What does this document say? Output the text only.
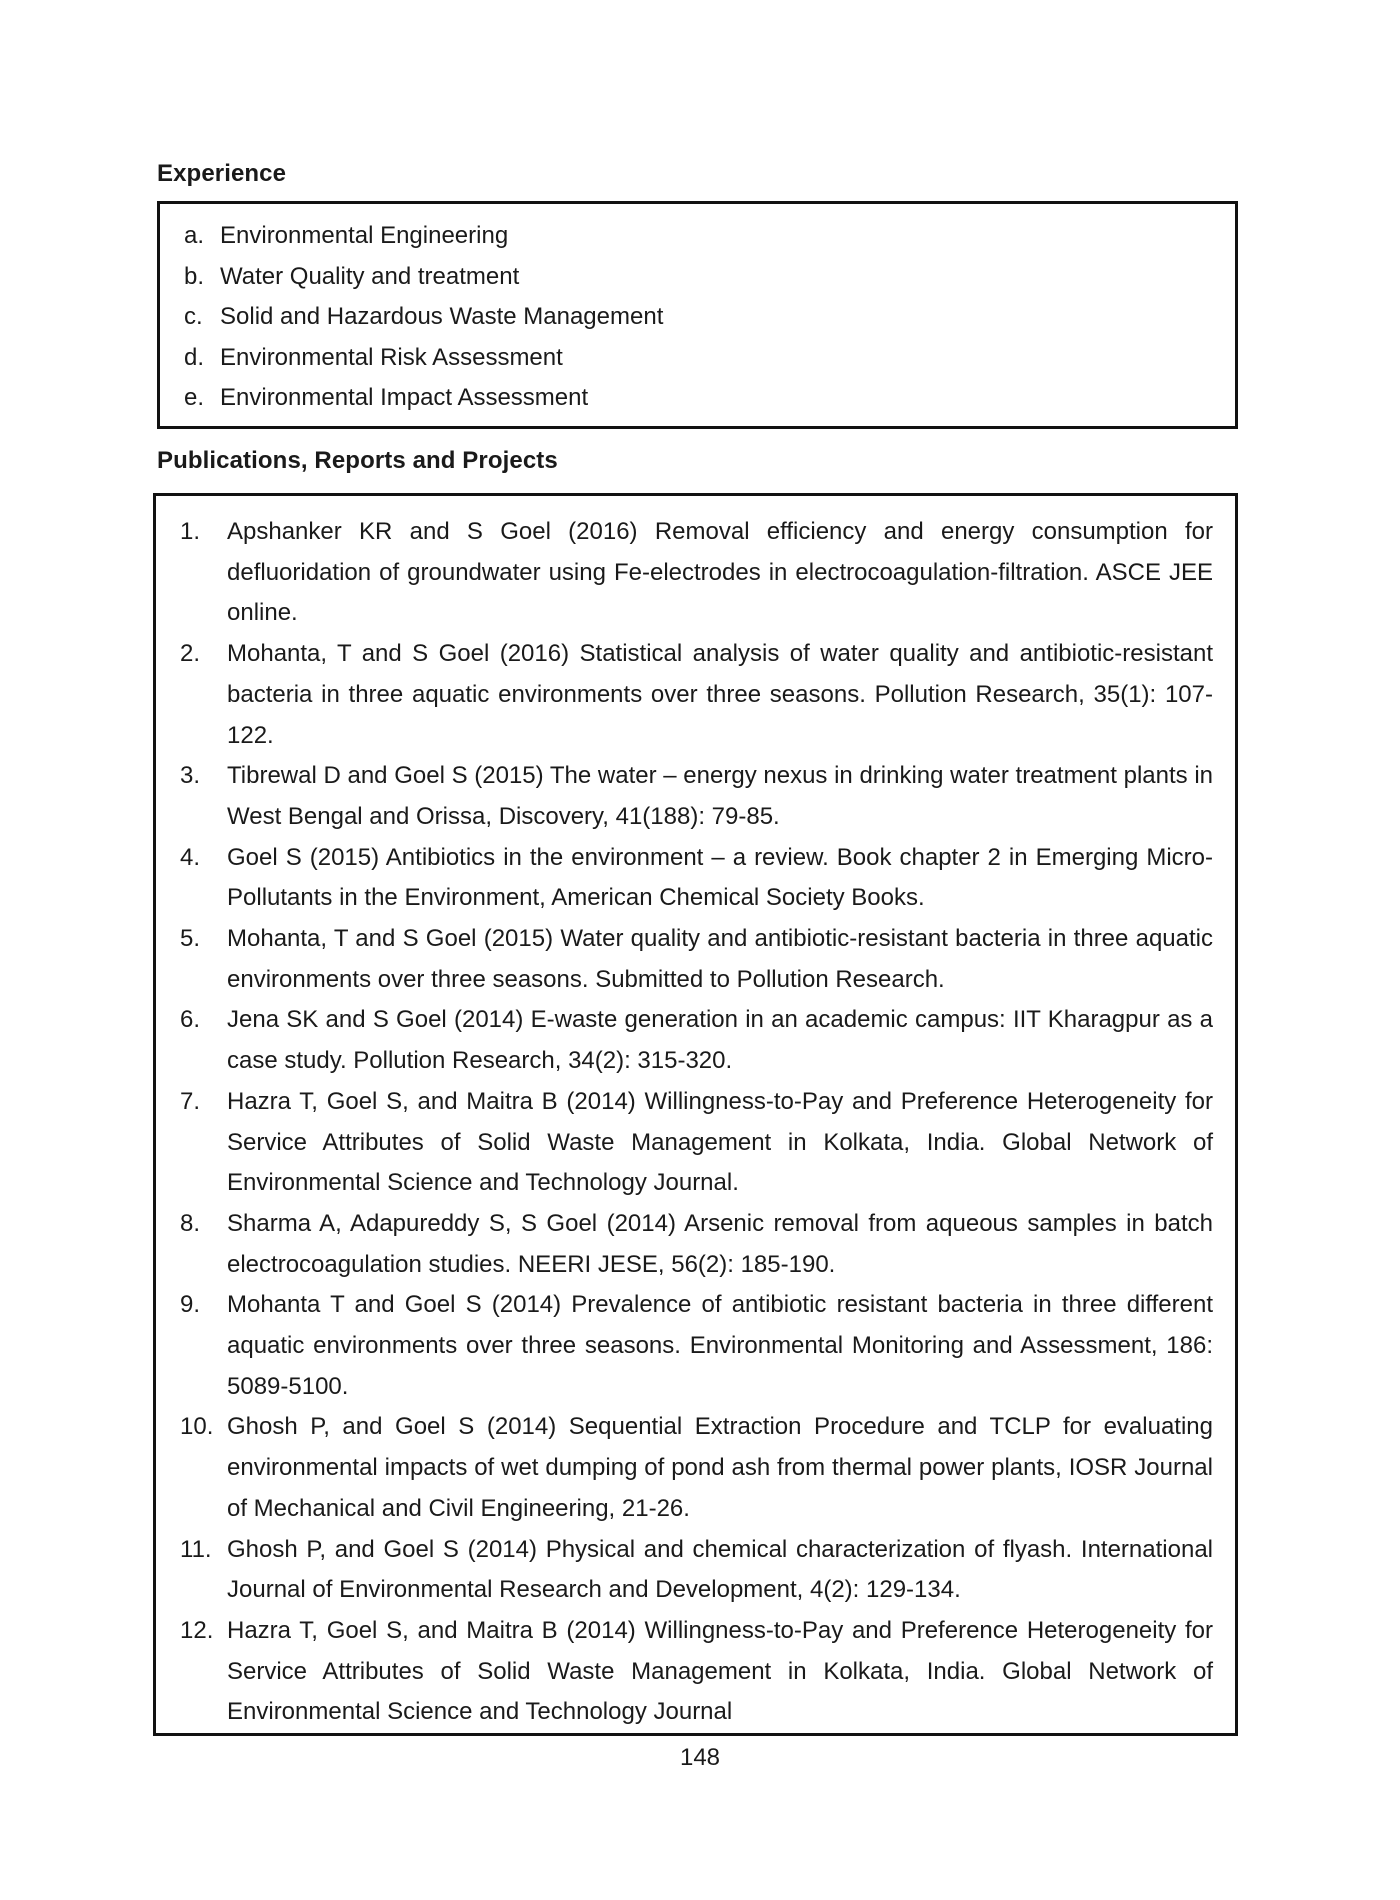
Experience
a. Environmental Engineering
b. Water Quality and treatment
c. Solid and Hazardous Waste Management
d. Environmental Risk Assessment
e. Environmental Impact Assessment
Publications, Reports and Projects
1.	Apshanker KR and S Goel (2016) Removal efficiency and energy consumption for defluoridation of groundwater using Fe-electrodes in electrocoagulation-filtration. ASCE JEE online.
2.	Mohanta, T and S Goel (2016) Statistical analysis of water quality and antibiotic-resistant bacteria in three aquatic environments over three seasons. Pollution Research, 35(1): 107-122.
3.	Tibrewal D and Goel S (2015) The water – energy nexus in drinking water treatment plants in West Bengal and Orissa, Discovery, 41(188): 79-85.
4.	Goel S (2015) Antibiotics in the environment – a review. Book chapter 2 in Emerging Micro-Pollutants in the Environment, American Chemical Society Books.
5.	Mohanta, T and S Goel (2015) Water quality and antibiotic-resistant bacteria in three aquatic environments over three seasons. Submitted to Pollution Research.
6.	Jena SK and S Goel (2014) E-waste generation in an academic campus: IIT Kharagpur as a case study. Pollution Research, 34(2): 315-320.
7.	Hazra T, Goel S, and Maitra B (2014) Willingness-to-Pay and Preference Heterogeneity for Service Attributes of Solid Waste Management in Kolkata, India. Global Network of Environmental Science and Technology Journal.
8.	Sharma A, Adapureddy S, S Goel (2014) Arsenic removal from aqueous samples in batch electrocoagulation studies. NEERI JESE, 56(2): 185-190.
9.	Mohanta T and Goel S (2014) Prevalence of antibiotic resistant bacteria in three different aquatic environments over three seasons. Environmental Monitoring and Assessment, 186: 5089-5100.
10. Ghosh P, and Goel S (2014) Sequential Extraction Procedure and TCLP for evaluating environmental impacts of wet dumping of pond ash from thermal power plants, IOSR Journal of Mechanical and Civil Engineering, 21-26.
11. Ghosh P, and Goel S (2014) Physical and chemical characterization of flyash. International Journal of Environmental Research and Development, 4(2): 129-134.
12. Hazra T, Goel S, and Maitra B (2014) Willingness-to-Pay and Preference Heterogeneity for Service Attributes of Solid Waste Management in Kolkata, India. Global Network of Environmental Science and Technology Journal
148
